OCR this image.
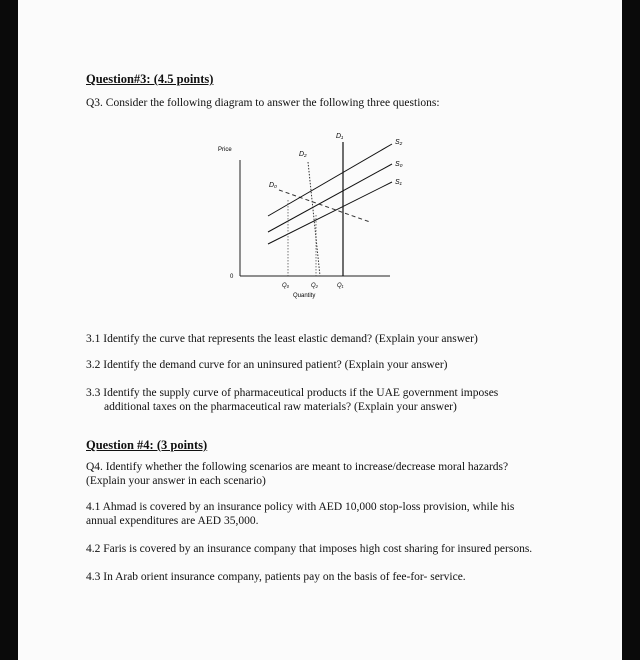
Question#3: (4.5 points)
Q3. Consider the following diagram to answer the following three questions:
Price
0
Quantity
D₁
D₂
D₀
S₂
S₀
S₁
Q₀	Q₂	Q₁
3.1 Identify the curve that represents the least elastic demand? (Explain your answer)
3.2 Identify the demand curve for an uninsured patient? (Explain your answer)
3.3 Identify the supply curve of pharmaceutical products if the UAE government imposes
additional taxes on the pharmaceutical raw materials? (Explain your answer)
Question #4: (3 points)
Q4. Identify whether the following scenarios are meant to increase/decrease moral hazards?
(Explain your answer in each scenario)
4.1 Ahmad is covered by an insurance policy with AED 10,000 stop-loss provision, while his
annual expenditures are AED 35,000.
4.2 Faris is covered by an insurance company that imposes high cost sharing for insured persons.
4.3 In Arab orient insurance company, patients pay on the basis of fee-for- service.
